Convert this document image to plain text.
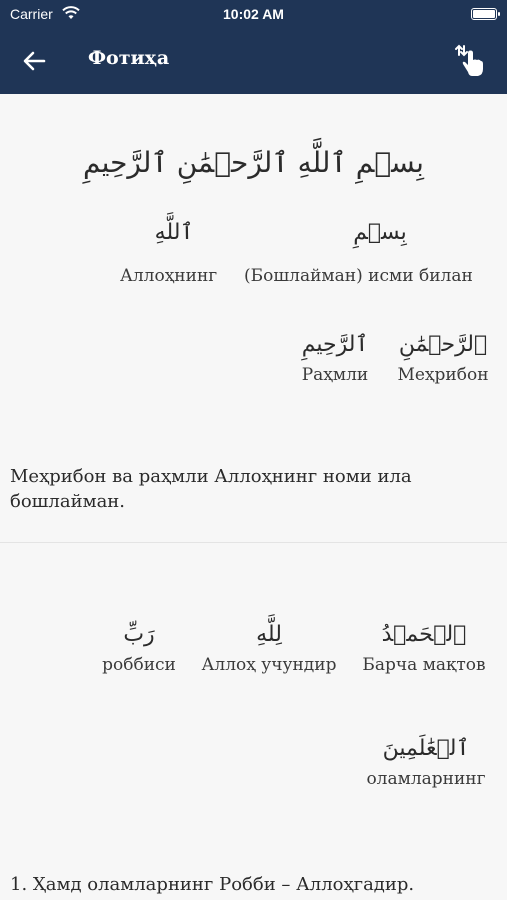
Carrier	10:02 AM
Фотиҳа
بِسۡمِ ٱللَّهِ ٱلرَّحۡمَٰنِ ٱلرَّحِيمِ
بِسۡمِ
ٱللَّهِ
(Бошлайман) исми билан
Аллоҳнинг
ٱلرَّحۡمَٰنِ
Меҳрибон
ٱلرَّحِيمِ
Раҳмли
Меҳрибон ва раҳмли Аллоҳнинг номи ила бошлайман.
ٱلۡحَمۡدُ
Барча мақтов
لِلَّهِ
Аллоҳ учундир
رَبِّ
роббиси
ٱلۡعَٰلَمِينَ
оламларнинг
1. Ҳамд оламларнинг Робби – Аллоҳгадир.
